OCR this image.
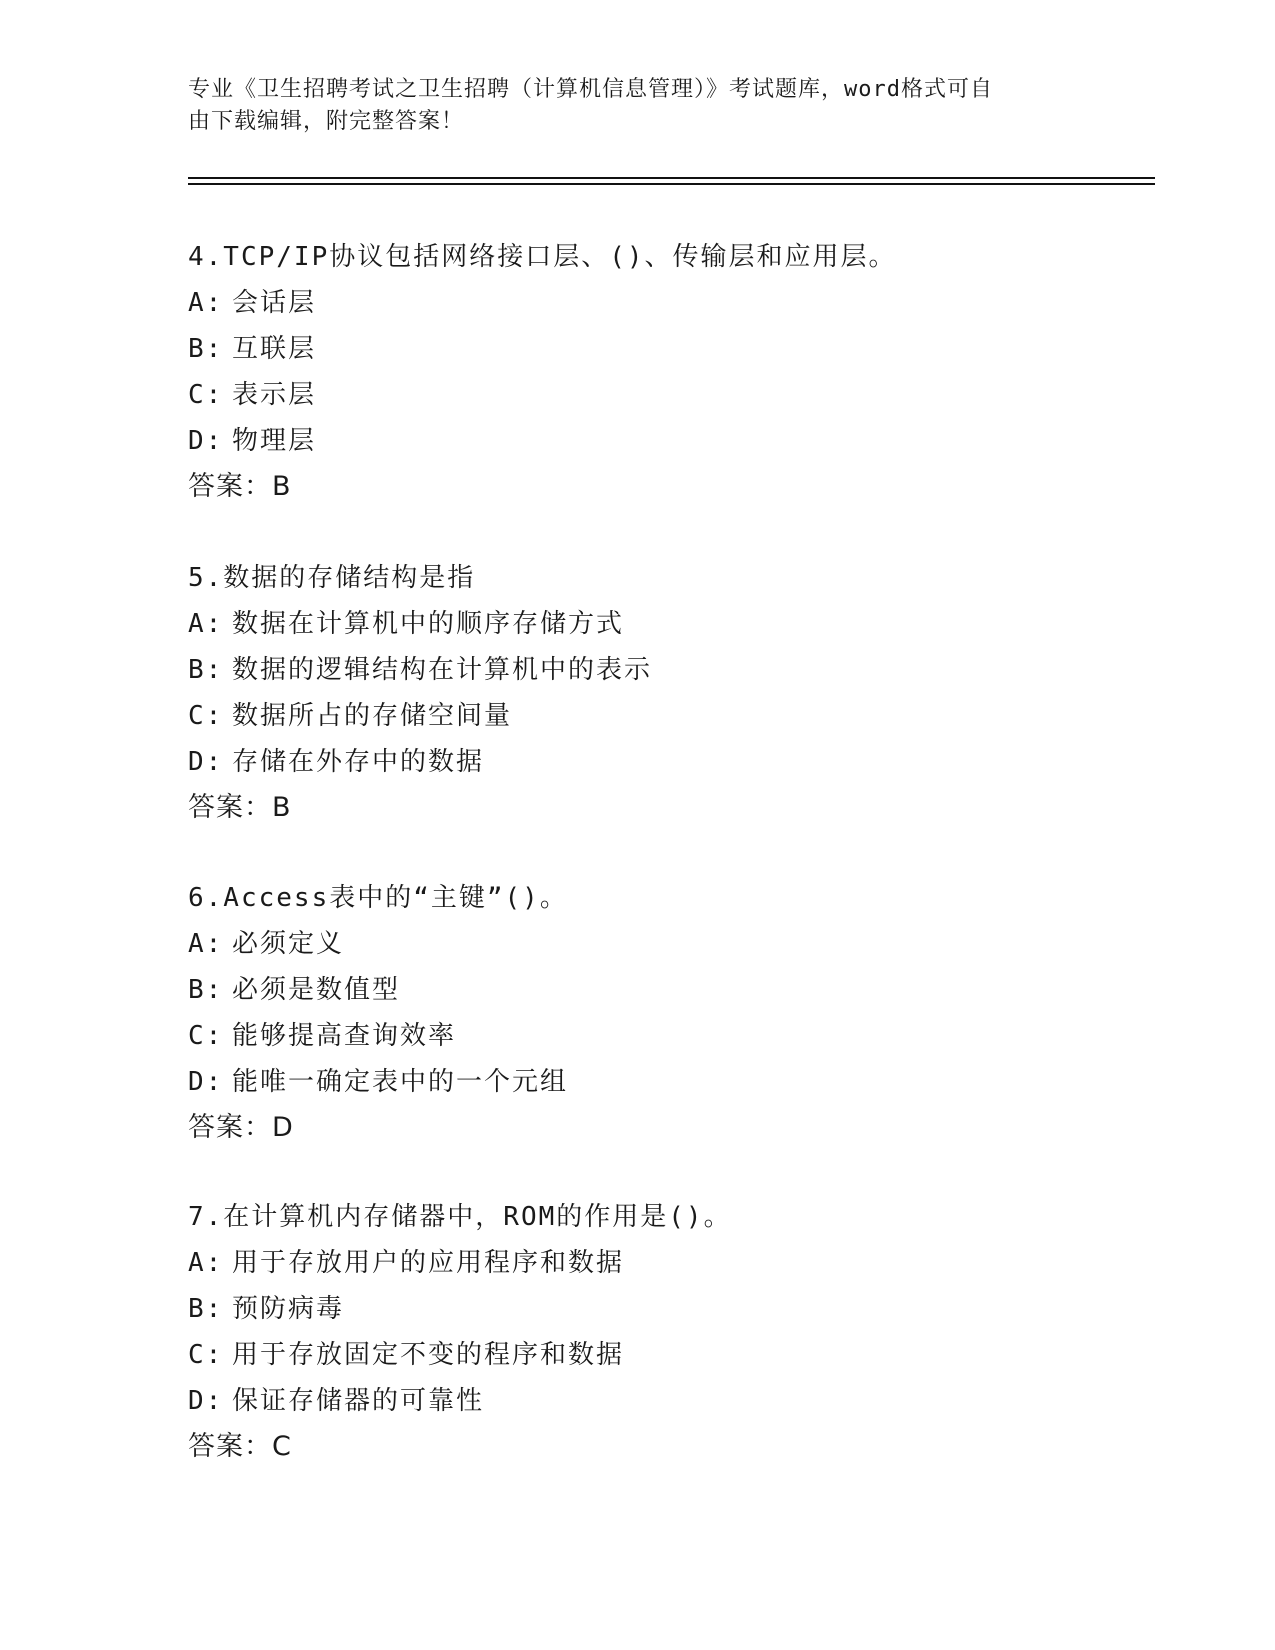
专业《卫生招聘考试之卫生招聘（计算机信息管理）》考试题库，word格式可自
由下载编辑，附完整答案！
4.TCP/IP协议包括网络接口层、()、传输层和应用层。
A: 会话层
B: 互联层
C: 表示层
D: 物理层
答案：B
5.数据的存储结构是指
A: 数据在计算机中的顺序存储方式
B: 数据的逻辑结构在计算机中的表示
C: 数据所占的存储空间量
D: 存储在外存中的数据
答案：B
6.Access表中的“主键”()。
A: 必须定义
B: 必须是数值型
C: 能够提高查询效率
D: 能唯一确定表中的一个元组
答案：D
7.在计算机内存储器中，ROM的作用是()。
A: 用于存放用户的应用程序和数据
B: 预防病毒
C: 用于存放固定不变的程序和数据
D: 保证存储器的可靠性
答案：C
